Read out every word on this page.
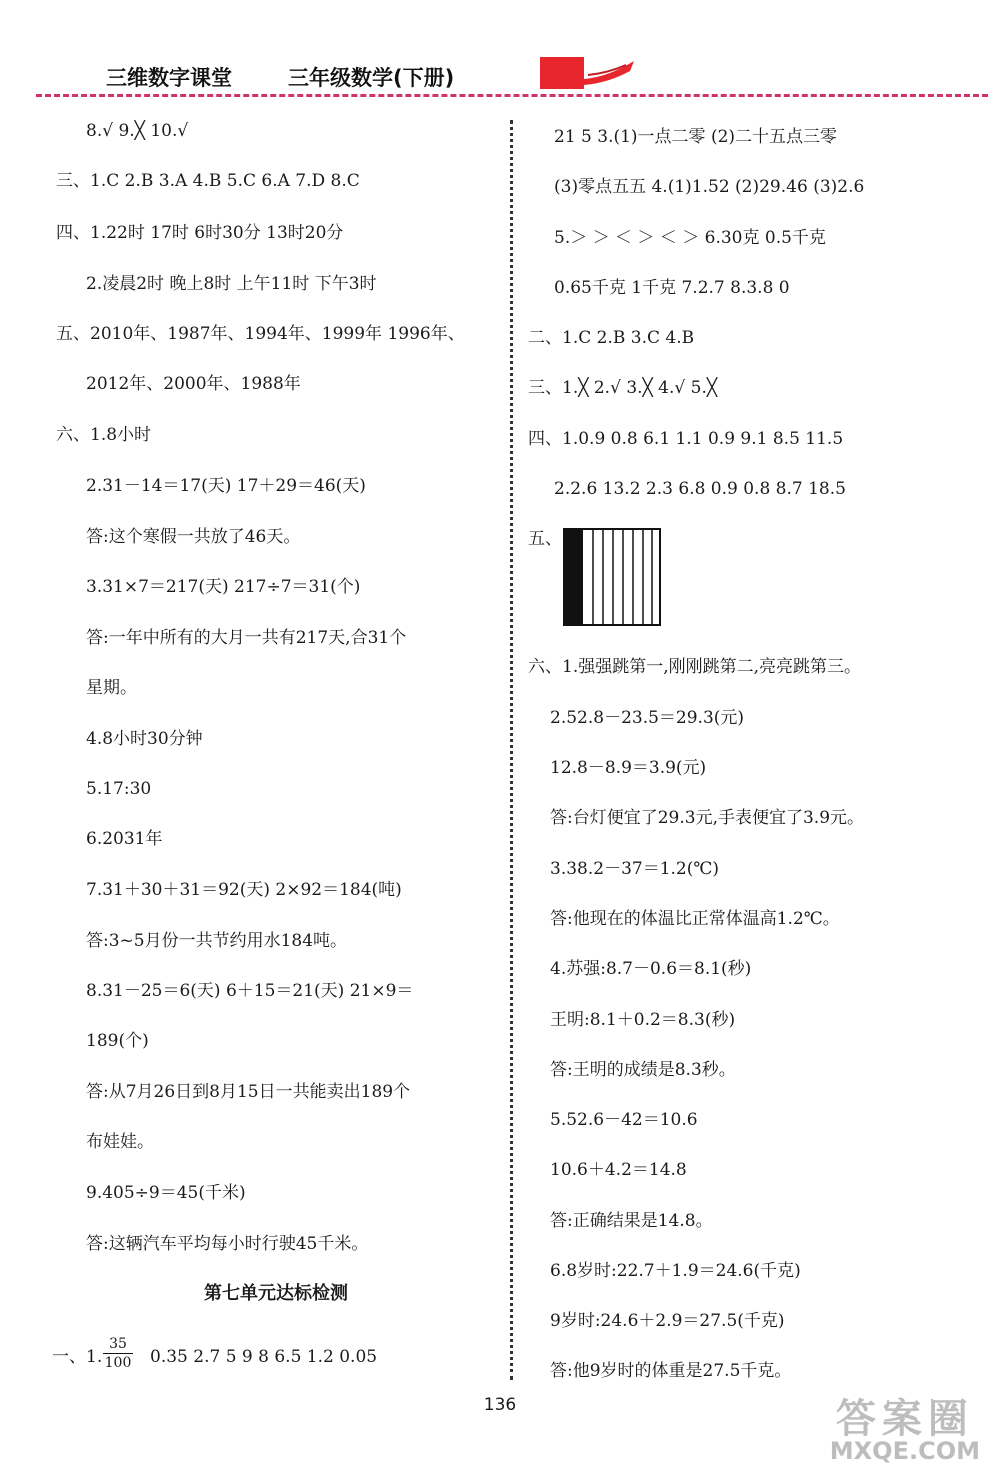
三维数字课堂	三年级数学(下册)
8.√ 9.╳ 10.√
三、1.C 2.B 3.A 4.B 5.C 6.A 7.D 8.C
四、1.22时 17时 6时30分 13时20分
2.凌晨2时 晚上8时 上午11时 下午3时
五、2010年、1987年、1994年、1999年 1996年、
2012年、2000年、1988年
六、1.8小时
2.31－14＝17(天) 17＋29＝46(天)
答:这个寒假一共放了46天。
3.31×7＝217(天) 217÷7＝31(个)
答:一年中所有的大月一共有217天,合31个
星期。
4.8小时30分钟
5.17:30
6.2031年
7.31＋30＋31＝92(天) 2×92＝184(吨)
答:3~5月份一共节约用水184吨。
8.31－25＝6(天) 6＋15＝21(天) 21×9＝
189(个)
答:从7月26日到8月15日一共能卖出189个
布娃娃。
9.405÷9＝45(千米)
答:这辆汽车平均每小时行驶45千米。
第七单元达标检测
一、1.
35
100 0.35 2.7 5 9 8 6.5 1.2 0.05
21 5 3.(1)一点二零 (2)二十五点三零
(3)零点五五 4.(1)1.52 (2)29.46 (3)2.6
5.＞ ＞ ＜ ＞ ＜ ＞ 6.30克 0.5千克
0.65千克 1千克 7.2.7 8.3.8 0
二、1.C 2.B 3.C 4.B
三、1.╳ 2.√ 3.╳ 4.√ 5.╳
四、1.0.9 0.8 6.1 1.1 0.9 9.1 8.5 11.5
2.2.6 13.2 2.3 6.8 0.9 0.8 8.7 18.5
五、
六、1.强强跳第一,刚刚跳第二,亮亮跳第三。
2.52.8－23.5＝29.3(元)
12.8－8.9＝3.9(元)
答:台灯便宜了29.3元,手表便宜了3.9元。
3.38.2－37＝1.2(℃)
答:他现在的体温比正常体温高1.2℃。
4.苏强:8.7－0.6＝8.1(秒)
王明:8.1＋0.2＝8.3(秒)
答:王明的成绩是8.3秒。
5.52.6－42＝10.6
10.6＋4.2＝14.8
答:正确结果是14.8。
6.8岁时:22.7＋1.9＝24.6(千克)
9岁时:24.6＋2.9＝27.5(千克)
答:他9岁时的体重是27.5千克。
136	答案圈
MXQE.COM
